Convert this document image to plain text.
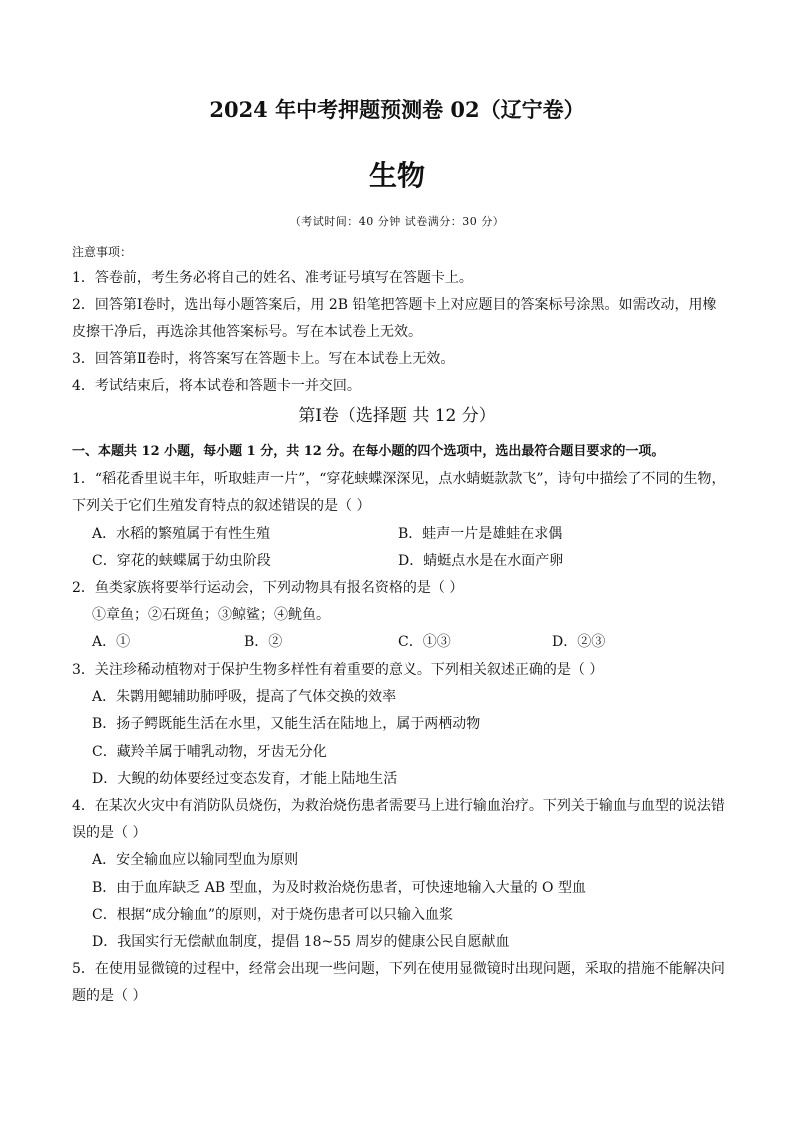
2024 年中考押题预测卷 02（辽宁卷）
生物
（考试时间：40 分钟 试卷满分：30 分）
注意事项：
1．答卷前，考生务必将自己的姓名、准考证号填写在答题卡上。
2．回答第Ⅰ卷时，选出每小题答案后，用 2B 铅笔把答题卡上对应题目的答案标号涂黑。如需改动，用橡
皮擦干净后，再选涂其他答案标号。写在本试卷上无效。
3．回答第Ⅱ卷时，将答案写在答题卡上。写在本试卷上无效。
4．考试结束后，将本试卷和答题卡一并交回。
第Ⅰ卷（选择题 共 12 分）
一、本题共 12 小题，每小题 1 分，共 12 分。在每小题的四个选项中，选出最符合题目要求的一项。
1．“稻花香里说丰年，听取蛙声一片”，“穿花蛱蝶深深见，点水蜻蜓款款飞”，诗句中描绘了不同的生物，
下列关于它们生殖发育特点的叙述错误的是（ ）
A．水稻的繁殖属于有性生殖	B．蛙声一片是雄蛙在求偶
C．穿花的蛱蝶属于幼虫阶段	D．蜻蜓点水是在水面产卵
2．鱼类家族将要举行运动会，下列动物具有报名资格的是（ ）
①章鱼；②石斑鱼；③鲸鲨；④鱿鱼。
A．①	B．②	C．①③	D．②③
3．关注珍稀动植物对于保护生物多样性有着重要的意义。下列相关叙述正确的是（ ）
A．朱鹮用鳃辅助肺呼吸，提高了气体交换的效率
B．扬子鳄既能生活在水里，又能生活在陆地上，属于两栖动物
C．藏羚羊属于哺乳动物，牙齿无分化
D．大鲵的幼体要经过变态发育，才能上陆地生活
4．在某次火灾中有消防队员烧伤，为救治烧伤患者需要马上进行输血治疗。下列关于输血与血型的说法错
误的是（ ）
A．安全输血应以输同型血为原则
B．由于血库缺乏 AB 型血，为及时救治烧伤患者，可快速地输入大量的 O 型血
C．根据“成分输血”的原则，对于烧伤患者可以只输入血浆
D．我国实行无偿献血制度，提倡 18~55 周岁的健康公民自愿献血
5．在使用显微镜的过程中，经常会出现一些问题，下列在使用显微镜时出现问题，采取的措施不能解决问
题的是（ ）
